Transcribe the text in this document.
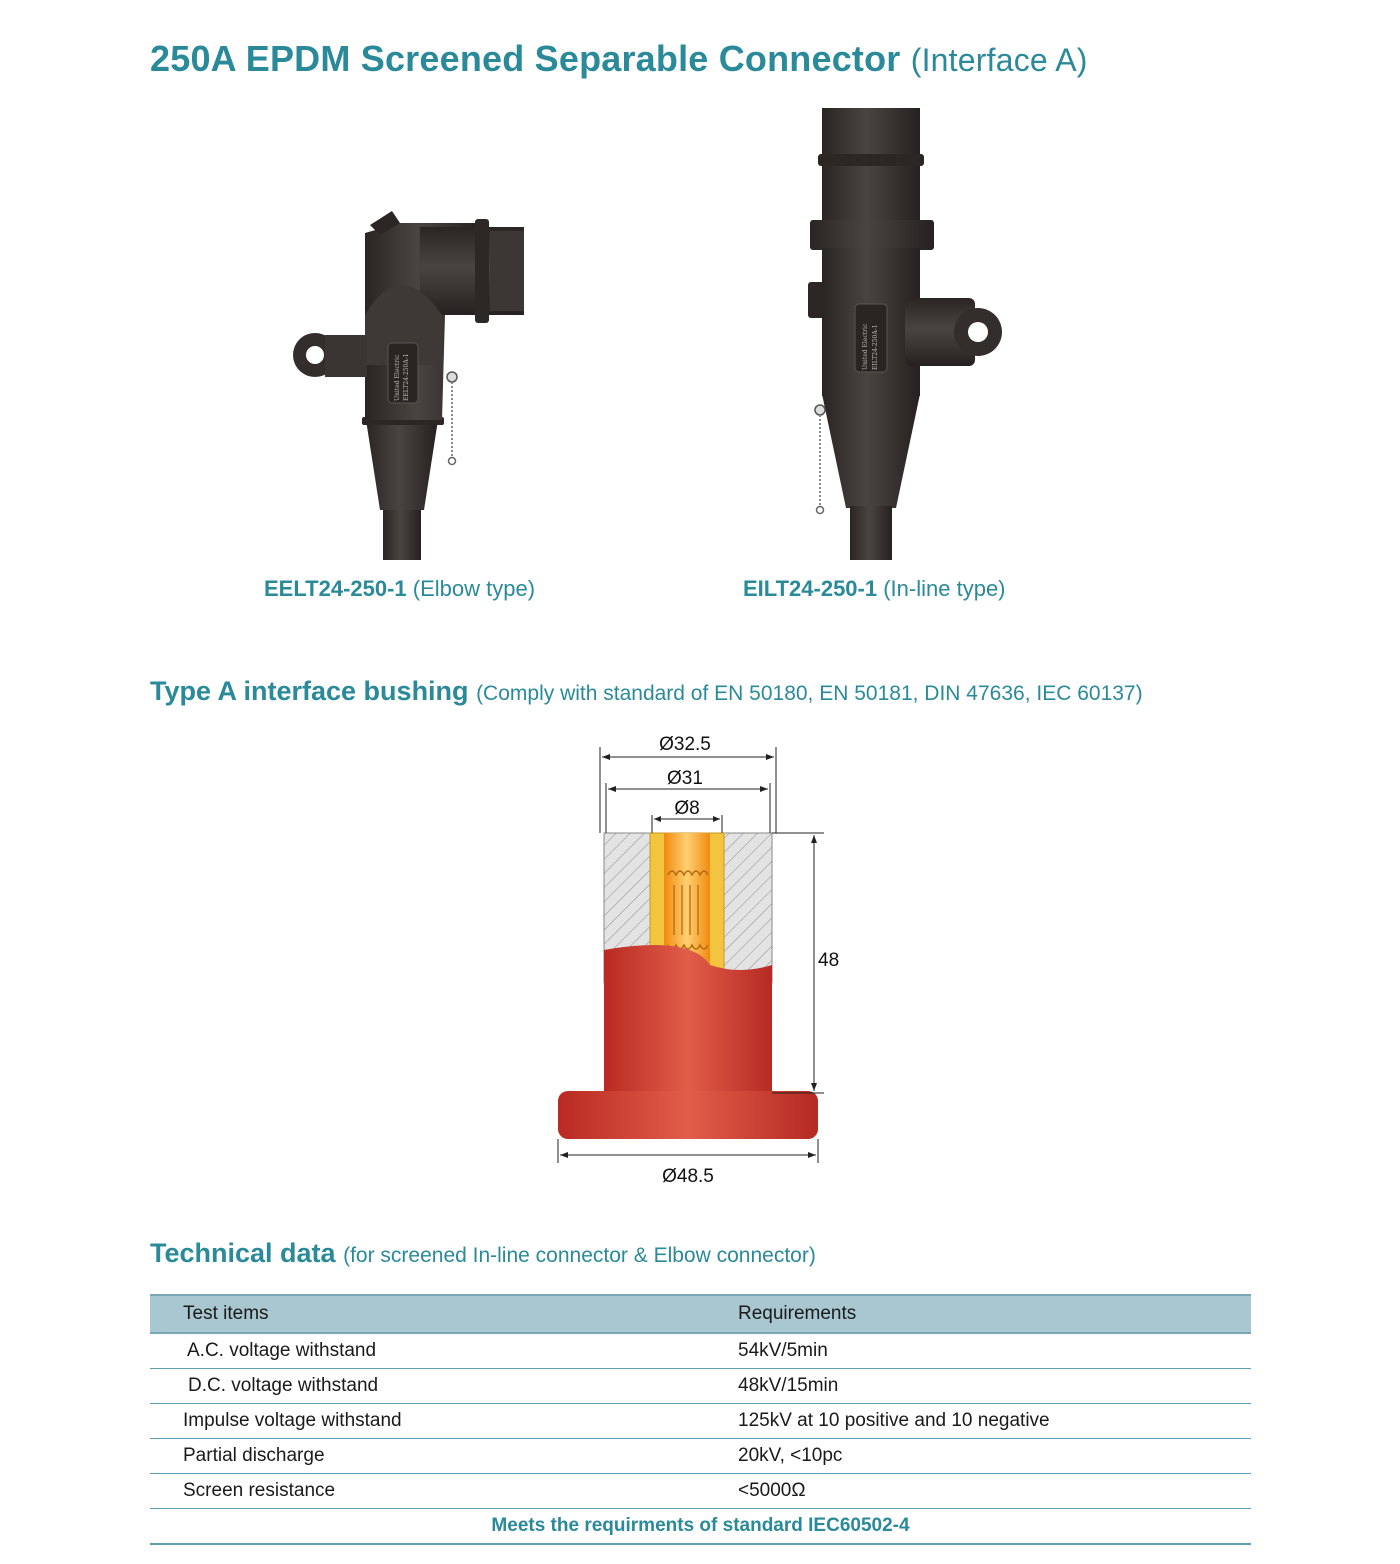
250A EPDM Screened Separable Connector (Interface A)
United Electric EELT24-250A-1
United Electric EILT24-250A-1
EELT24-250-1 (Elbow type)	EILT24-250-1 (In-line type)
Type A interface bushing (Comply with standard of EN 50180, EN 50181, DIN 47636, IEC 60137)
Ø32.5
Ø31
Ø8
48
Ø48.5
Technical data (for screened In-line connector & Elbow connector)
Test items	Requirements
A.C. voltage withstand	54kV/5min
D.C. voltage withstand	48kV/15min
Impulse voltage withstand	125kV at 10 positive and 10 negative
Partial discharge	20kV, <10pc
Screen resistance	<5000Ω
Meets the requirments of standard IEC60502-4	
